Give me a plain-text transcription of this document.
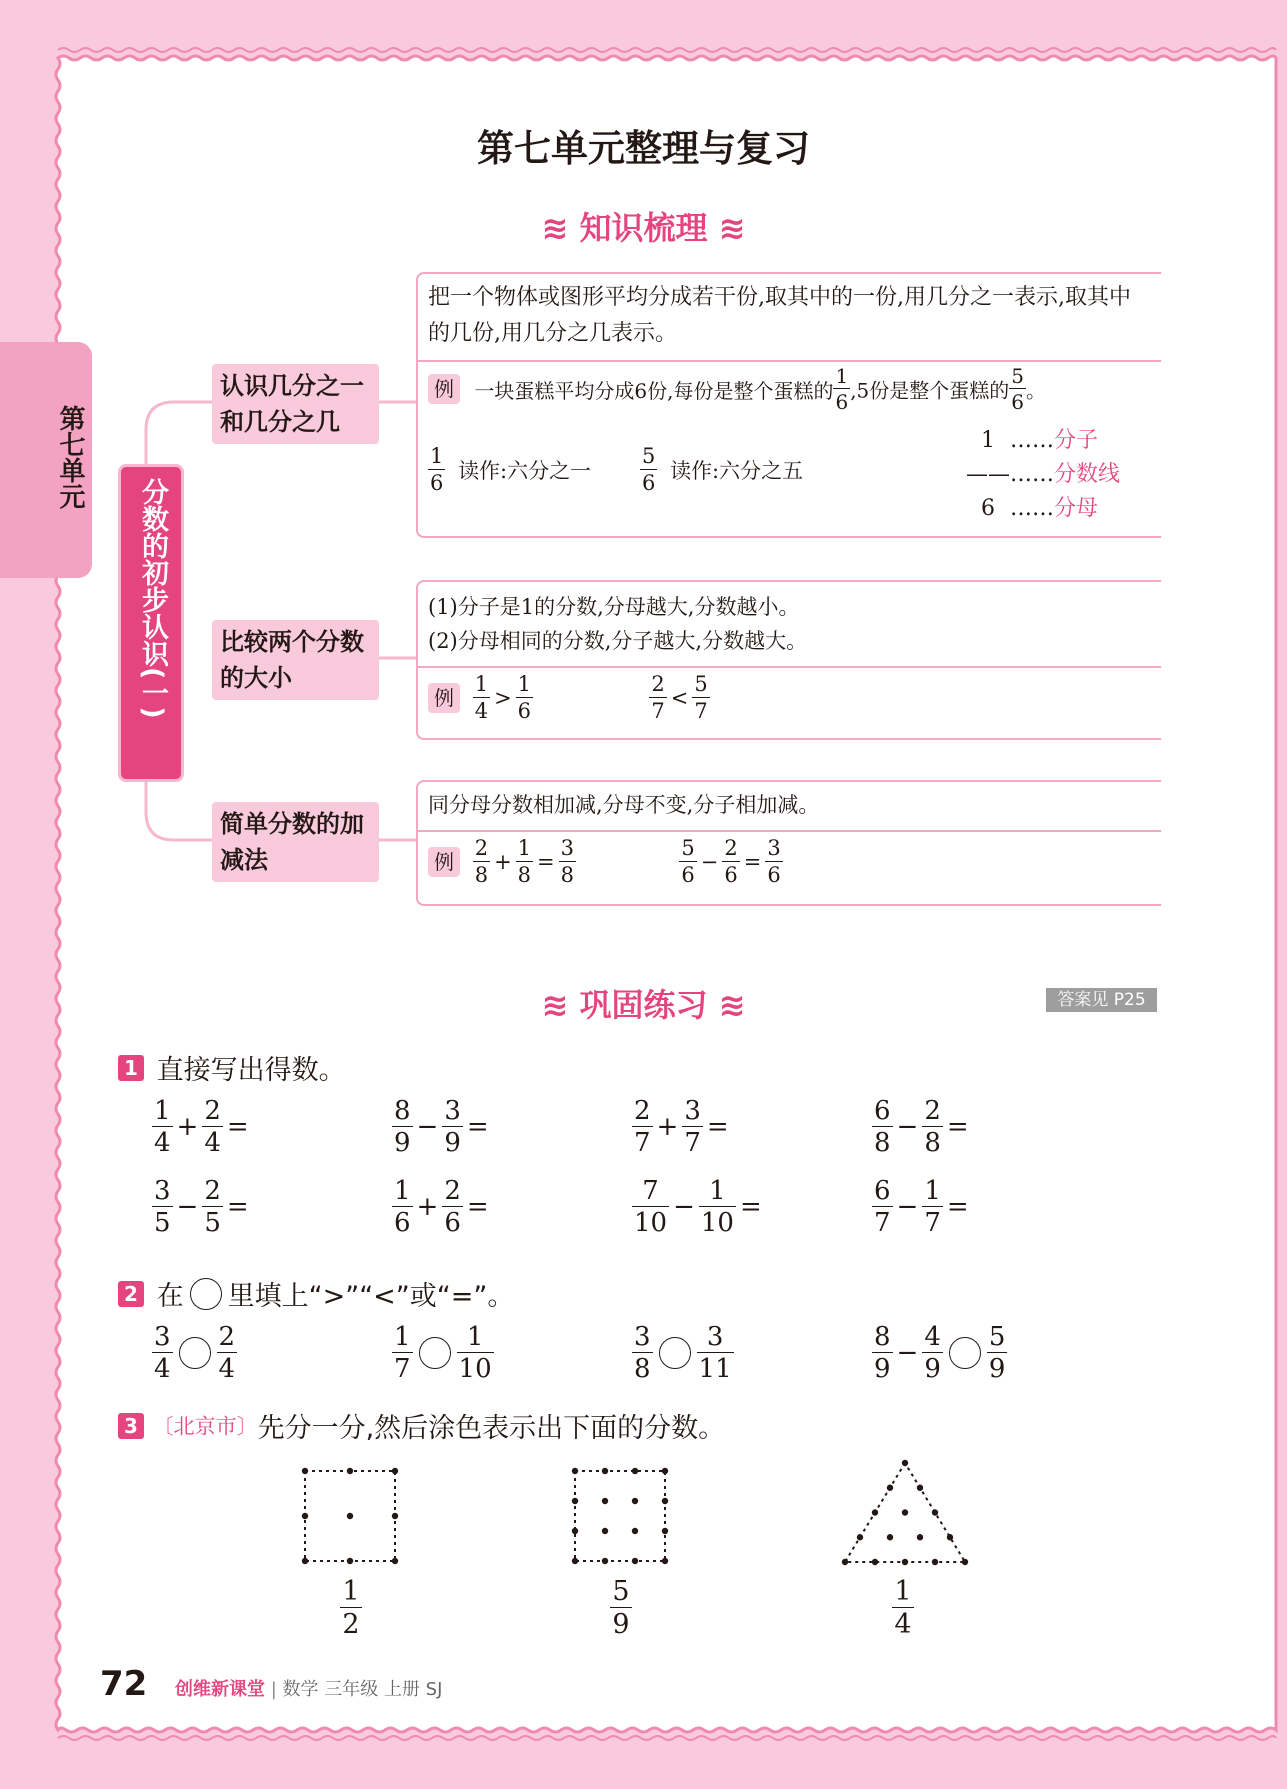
第七单元整理与复习
第七单元
≋ 知识梳理 ≋
分数的初步认识(一)
认识几分之一和几分之几
比较两个分数的大小
简单分数的加减法
把一个物体或图形平均分成若干份,取其中的一份,用几分之一表示,取其中的几份,用几分之几表示。
例 一块蛋糕平均分成6份,每份是整个蛋糕的 $\frac{1}{6} ,5$份是整个蛋糕的 $\frac{5}{6}$ 。
$\frac{1}{6}$ 读作:六分之一 $\frac{5}{6}$ 读作:六分之五
1 ……分子
——……分数线
6 ……分母
(1)分子是1的分数,分母越大,分数越小。
(2)分母相同的分数,分子越大,分数越大。
例 $\frac{1}{4} > \frac{1}{6}$
	$\frac{2}{7} < \frac{5}{7}$
同分母分数相加减,分母不变,分子相加减。
例 $\frac{2}{8} + \frac{1}{8} = \frac{3}{8}$
	$\frac{5}{6} - \frac{2}{6} = \frac{3}{6}$
≋ 巩固练习 ≋	答案见 P25
1 直接写出得数。
$\frac{1}{4} + \frac{2}{4}$ =	$\frac{8}{9} - \frac{3}{9}$ =	$\frac{2}{7} + \frac{3}{7}$ =	$\frac{6}{8} - \frac{2}{8}$ =
$\frac{3}{5} - \frac{2}{5}$ =	$\frac{1}{6} + \frac{2}{6}$ =	$\frac{7}{10} - \frac{1}{10}$ =	$\frac{6}{7} - \frac{1}{7}$ =
2 在 里填上“>”“<”或“=”。
$\frac{3}{4} \frac{2}{4}$	$\frac{1}{7} \frac{1}{10}$	$\frac{3}{8} \frac{3}{11}$	$\frac{8}{9} - \frac{4}{9} \frac{5}{9}$
3 〔北京市〕先分一分,然后涂色表示出下面的分数。
$\frac{1}{2}$	$\frac{5}{9}$	$\frac{1}{4}$
72 创维新课堂 | 数学 三年级 上册 SJ
